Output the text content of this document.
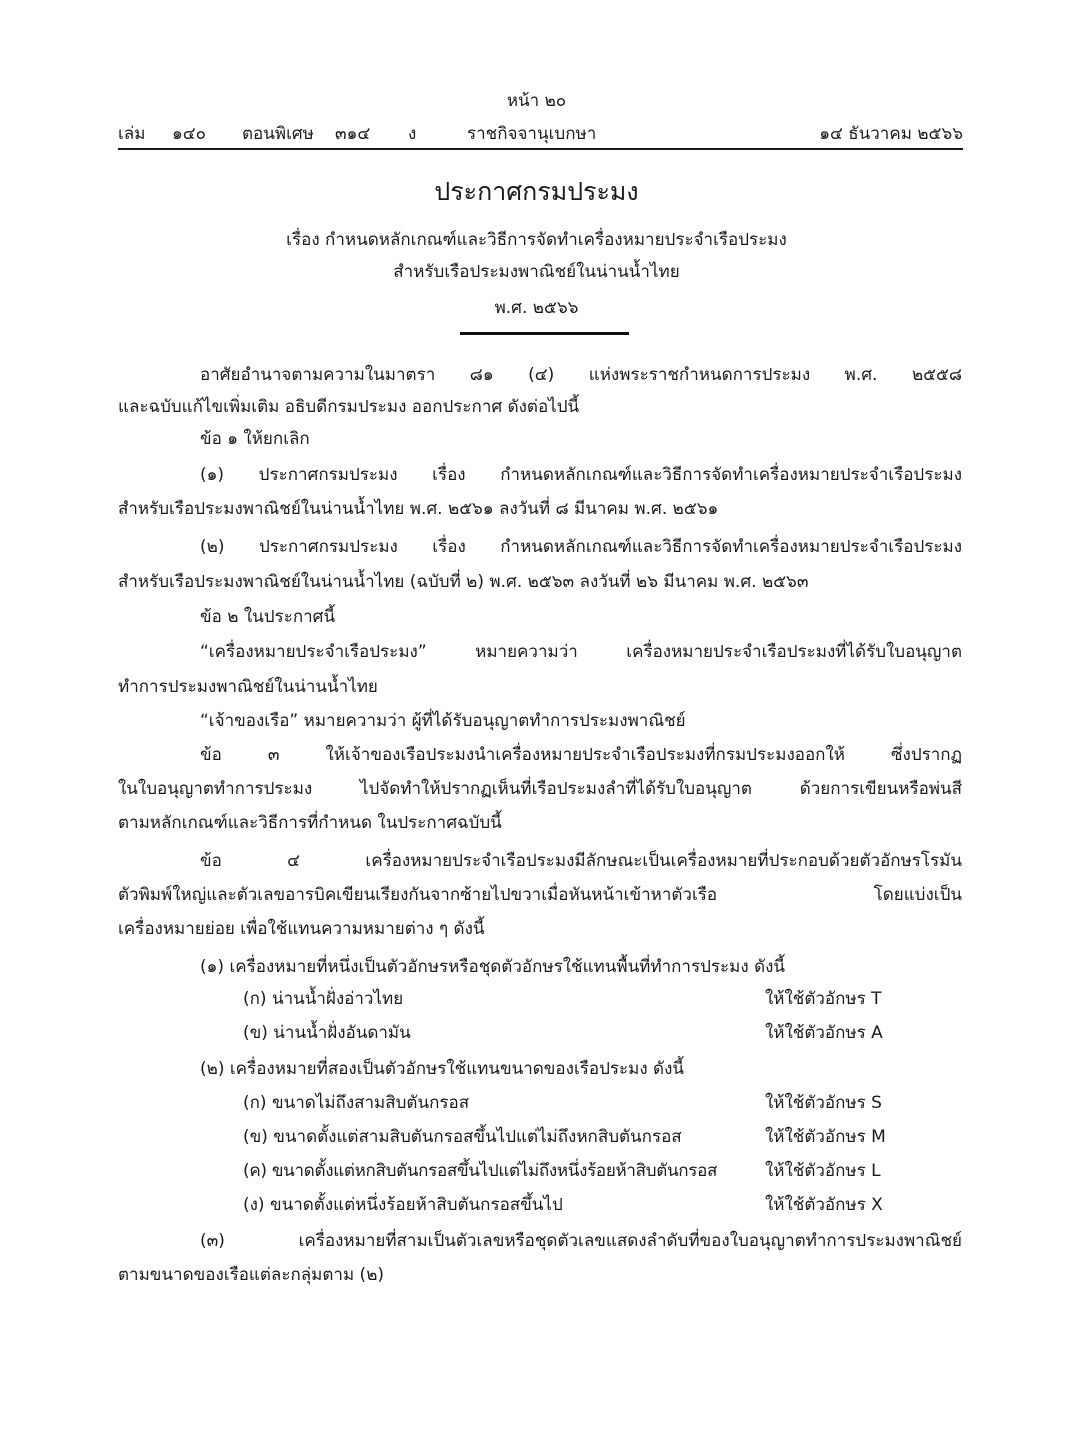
หน้า ๒๐
เล่ม ๑๔๐ ตอนพิเศษ ๓๑๔ ง	ราชกิจจานุเบกษา	๑๔ ธันวาคม ๒๕๖๖
ประกาศกรมประมง
เรื่อง กำหนดหลักเกณฑ์และวิธีการจัดทำเครื่องหมายประจำเรือประมง
สำหรับเรือประมงพาณิชย์ในน่านน้ำไทย
พ.ศ. ๒๕๖๖
อาศัยอำนาจตามความในมาตรา ๘๑ (๔) แห่งพระราชกำหนดการประมง พ.ศ. ๒๕๕๘
และฉบับแก้ไขเพิ่มเติม อธิบดีกรมประมง ออกประกาศ ดังต่อไปนี้
ข้อ ๑ ให้ยกเลิก
(๑) ประกาศกรมประมง เรื่อง กำหนดหลักเกณฑ์และวิธีการจัดทำเครื่องหมายประจำเรือประมง
สำหรับเรือประมงพาณิชย์ในน่านน้ำไทย พ.ศ. ๒๕๖๑ ลงวันที่ ๘ มีนาคม พ.ศ. ๒๕๖๑
(๒) ประกาศกรมประมง เรื่อง กำหนดหลักเกณฑ์และวิธีการจัดทำเครื่องหมายประจำเรือประมง
สำหรับเรือประมงพาณิชย์ในน่านน้ำไทย (ฉบับที่ ๒) พ.ศ. ๒๕๖๓ ลงวันที่ ๒๖ มีนาคม พ.ศ. ๒๕๖๓
ข้อ ๒ ในประกาศนี้
“เครื่องหมายประจำเรือประมง” หมายความว่า เครื่องหมายประจำเรือประมงที่ได้รับใบอนุญาต
ทำการประมงพาณิชย์ในน่านน้ำไทย
“เจ้าของเรือ” หมายความว่า ผู้ที่ได้รับอนุญาตทำการประมงพาณิชย์
ข้อ ๓ ให้เจ้าของเรือประมงนำเครื่องหมายประจำเรือประมงที่กรมประมงออกให้ ซึ่งปรากฏ
ในใบอนุญาตทำการประมง ไปจัดทำให้ปรากฏเห็นที่เรือประมงลำที่ได้รับใบอนุญาต ด้วยการเขียนหรือพ่นสี
ตามหลักเกณฑ์และวิธีการที่กำหนด ในประกาศฉบับนี้
ข้อ ๔ เครื่องหมายประจำเรือประมงมีลักษณะเป็นเครื่องหมายที่ประกอบด้วยตัวอักษรโรมัน
ตัวพิมพ์ใหญ่และตัวเลขอารบิคเขียนเรียงกันจากซ้ายไปขวาเมื่อหันหน้าเข้าหาตัวเรือ โดยแบ่งเป็น
เครื่องหมายย่อย เพื่อใช้แทนความหมายต่าง ๆ ดังนี้
(๑) เครื่องหมายที่หนึ่งเป็นตัวอักษรหรือชุดตัวอักษรใช้แทนพื้นที่ทำการประมง ดังนี้
(ก) น่านน้ำฝั่งอ่าวไทย	ให้ใช้ตัวอักษร T
(ข) น่านน้ำฝั่งอันดามัน	ให้ใช้ตัวอักษร A
(๒) เครื่องหมายที่สองเป็นตัวอักษรใช้แทนขนาดของเรือประมง ดังนี้
(ก) ขนาดไม่ถึงสามสิบตันกรอส	ให้ใช้ตัวอักษร S
(ข) ขนาดตั้งแต่สามสิบตันกรอสขึ้นไปแต่ไม่ถึงหกสิบตันกรอส	ให้ใช้ตัวอักษร M
(ค) ขนาดตั้งแต่หกสิบตันกรอสขึ้นไปแต่ไม่ถึงหนึ่งร้อยห้าสิบตันกรอส	ให้ใช้ตัวอักษร L
(ง) ขนาดตั้งแต่หนึ่งร้อยห้าสิบตันกรอสขึ้นไป	ให้ใช้ตัวอักษร X
(๓) เครื่องหมายที่สามเป็นตัวเลขหรือชุดตัวเลขแสดงลำดับที่ของใบอนุญาตทำการประมงพาณิชย์
ตามขนาดของเรือแต่ละกลุ่มตาม (๒)
